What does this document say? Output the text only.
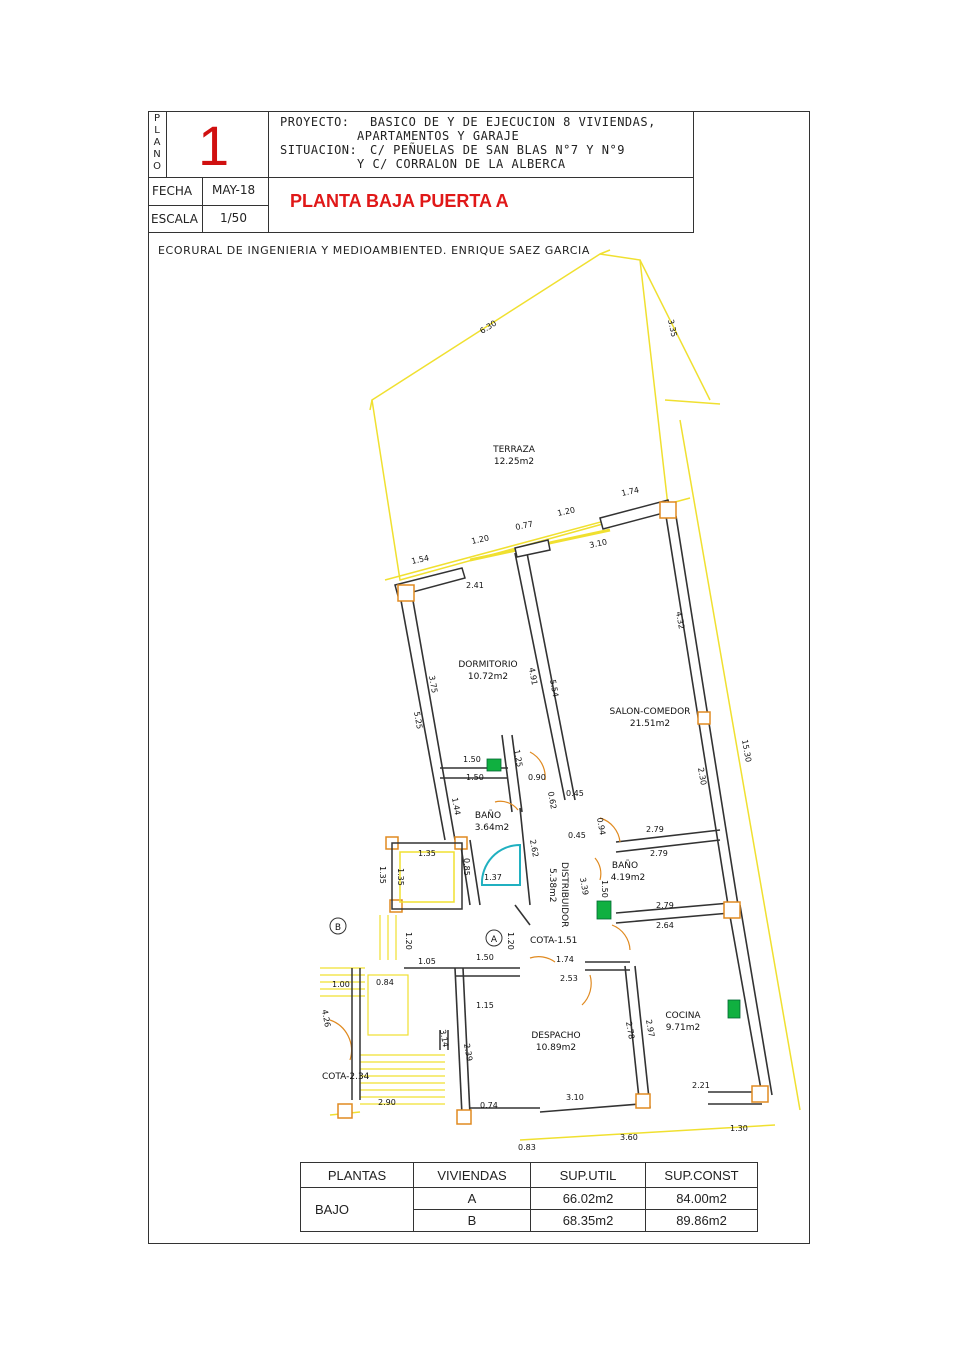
P
L
A
N
O 1	PROYECTO: BASICO DE Y DE EJECUCION 8 VIVIENDAS,
APARTAMENTOS Y GARAJE
SITUACION: C/ PEÑUELAS DE SAN BLAS N°7 Y N°9
Y C/ CORRALON DE LA ALBERCA
FECHA MAY-18
ESCALA 1/50
PLANTA BAJA PUERTA A
ECORURAL DE INGENIERIA Y MEDIOAMBIENTED. ENRIQUE SAEZ GARCIA
B
A
TERRAZA
12.25m2
DORMITORIO
10.72m2
SALON-COMEDOR
21.51m2
BAÑO
3.64m2
BAÑO
4.19m2
DISTRIBUIDOR
5.38m2
DESPACHO
10.89m2
COCINA
9.71m2
COTA-1.51
COTA-2.34
6.30	3.35
1.74
1.20
0.77
1.20
3.10
1.54
2.41
4.32
3.75	4.91
5.54
5.25
15.30
1.50	1.25
1.50	0.90
0.62 0.45
1.44
2.62
0.45 0.94	2.79
2.30
2.79
1.35
1.35	1.37
0.85
1.35	3.39 1.50
2.79
2.64
1.20	1.20
1.05	1.50	1.74
2.53
1.00	0.84
1.15
4.26
3.14
2.39
2.78 2.97
2.90	0.74
3.10
2.21
0.83
3.60
1.30
PLANTAS	VIVIENDAS	SUP.UTIL	SUP.CONST
BAJO	A	66.02m2	84.00m2
	B	68.35m2	89.86m2
